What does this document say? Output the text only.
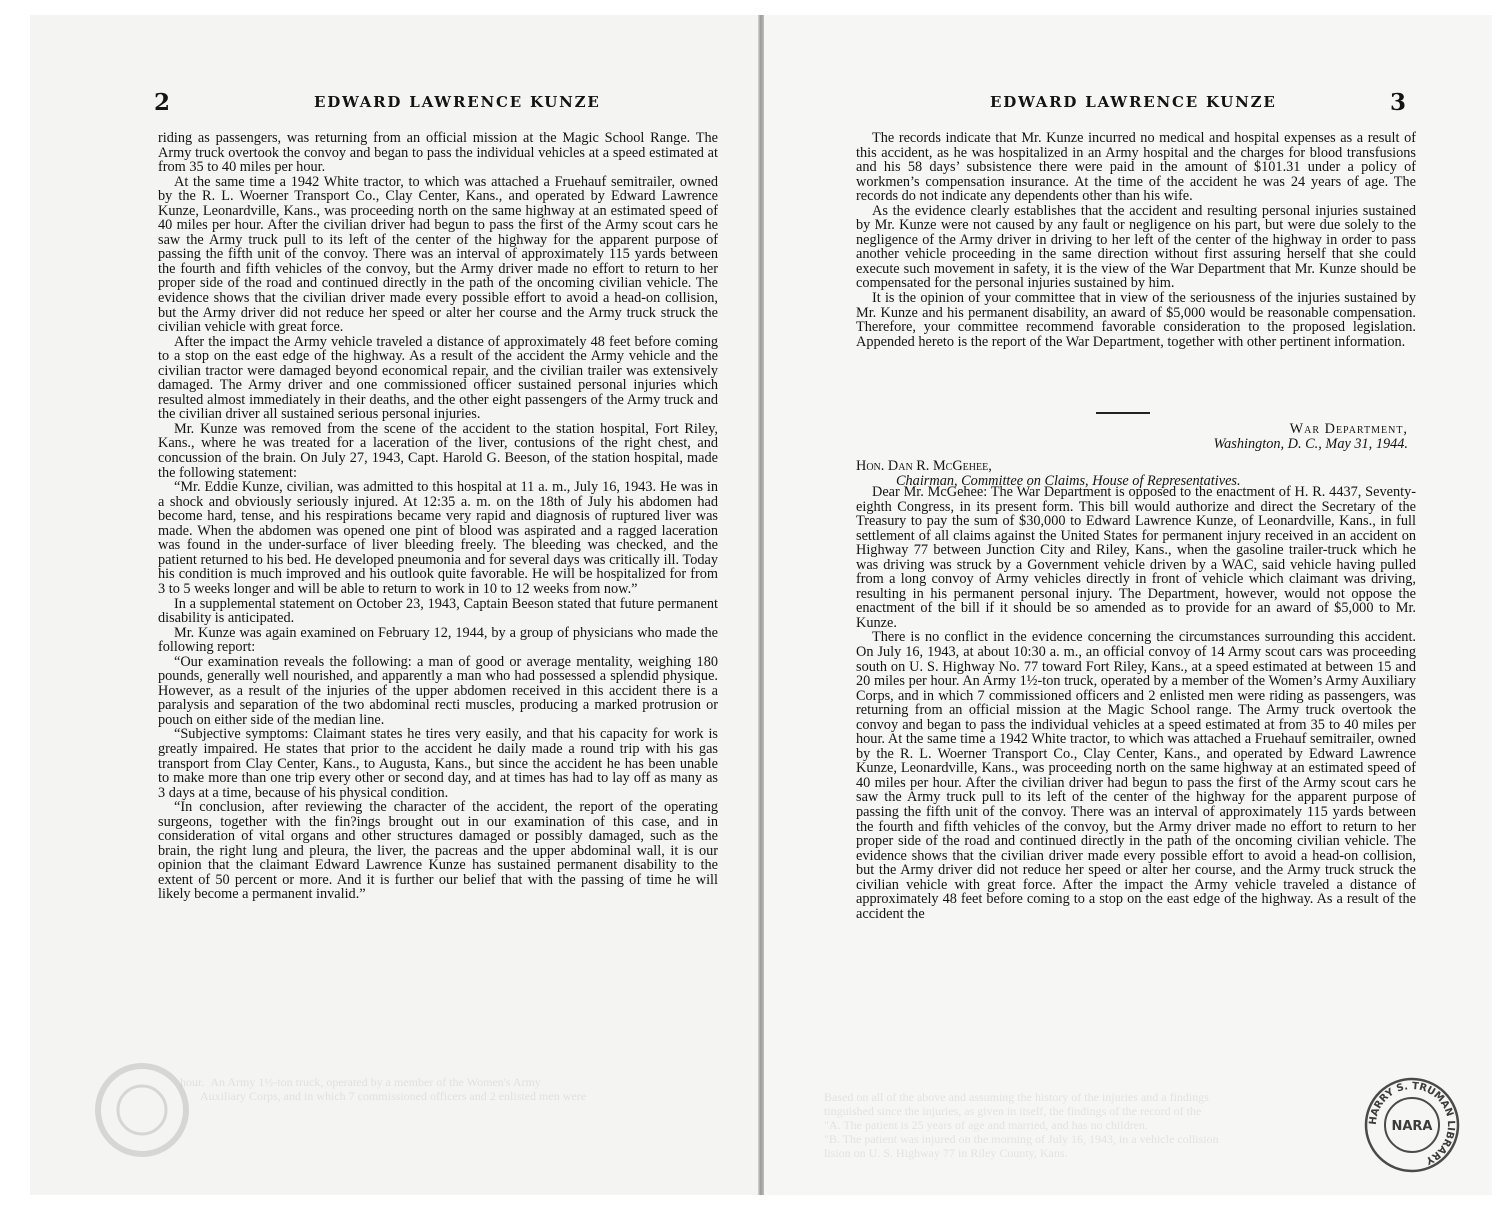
2	EDWARD LAWRENCE KUNZE

riding as passengers, was returning from an official mission at the Magic School Range. The Army truck overtook the convoy and began to pass the individual vehicles at a speed estimated at from 35 to 40 miles per hour.

At the same time a 1942 White tractor, to which was attached a Fruehauf semitrailer, owned by the R. L. Woerner Transport Co., Clay Center, Kans., and operated by Edward Lawrence Kunze, Leonardville, Kans., was proceeding north on the same highway at an estimated speed of 40 miles per hour. After the civilian driver had begun to pass the first of the Army scout cars he saw the Army truck pull to its left of the center of the highway for the apparent purpose of passing the fifth unit of the convoy. There was an interval of approximately 115 yards between the fourth and fifth vehicles of the convoy, but the Army driver made no effort to return to her proper side of the road and continued directly in the path of the oncoming civilian vehicle. The evidence shows that the civilian driver made every possible effort to avoid a head-on collision, but the Army driver did not reduce her speed or alter her course and the Army truck struck the civilian vehicle with great force.

After the impact the Army vehicle traveled a distance of approximately 48 feet before coming to a stop on the east edge of the highway. As a result of the accident the Army vehicle and the civilian tractor were damaged beyond economical repair, and the civilian trailer was extensively damaged. The Army driver and one commissioned officer sustained personal injuries which resulted almost immediately in their deaths, and the other eight passengers of the Army truck and the civilian driver all sustained serious personal injuries.

Mr. Kunze was removed from the scene of the accident to the station hospital, Fort Riley, Kans., where he was treated for a laceration of the liver, contusions of the right chest, and concussion of the brain. On July 27, 1943, Capt. Harold G. Beeson, of the station hospital, made the following statement:

“Mr. Eddie Kunze, civilian, was admitted to this hospital at 11 a. m., July 16, 1943. He was in a shock and obviously seriously injured. At 12:35 a. m. on the 18th of July his abdomen had become hard, tense, and his respirations became very rapid and diagnosis of ruptured liver was made. When the abdomen was opened one pint of blood was aspirated and a ragged laceration was found in the under-surface of liver bleeding freely. The bleeding was checked, and the patient returned to his bed. He developed pneumonia and for several days was critically ill. Today his condition is much improved and his outlook quite favorable. He will be hospitalized for from 3 to 5 weeks longer and will be able to return to work in 10 to 12 weeks from now.”

In a supplemental statement on October 23, 1943, Captain Beeson stated that future permanent disability is anticipated.

Mr. Kunze was again examined on February 12, 1944, by a group of physicians who made the following report:

“Our examination reveals the following: a man of good or average mentality, weighing 180 pounds, generally well nourished, and apparently a man who had possessed a splendid physique. However, as a result of the injuries of the upper abdomen received in this accident there is a paralysis and separation of the two abdominal recti muscles, producing a marked protrusion or pouch on either side of the median line.

“Subjective symptoms: Claimant states he tires very easily, and that his capacity for work is greatly impaired. He states that prior to the accident he daily made a round trip with his gas transport from Clay Center, Kans., to Augusta, Kans., but since the accident he has been unable to make more than one trip every other or second day, and at times has had to lay off as many as 3 days at a time, because of his physical condition.

“In conclusion, after reviewing the character of the accident, the report of the operating surgeons, together with the fin?ings brought out in our examination of this case, and in consideration of vital organs and other structures damaged or possibly damaged, such as the brain, the right lung and pleura, the liver, the pacreas and the upper abdominal wall, it is our opinion that the claimant Edward Lawrence Kunze has sustained permanent disability to the extent of 50 percent or more. And it is further our belief that with the passing of time he will likely become a permanent invalid.”

hour.  An Army 1½-ton truck, operated by a member of the Women's Army
Auxiliary Corps, and in which 7 commissioned officers and 2 enlisted men were
EDWARD LAWRENCE KUNZE	3

The records indicate that Mr. Kunze incurred no medical and hospital expenses as a result of this accident, as he was hospitalized in an Army hospital and the charges for blood transfusions and his 58 days’ subsistence there were paid in the amount of $101.31 under a policy of workmen’s compensation insurance. At the time of the accident he was 24 years of age. The records do not indicate any dependents other than his wife.

As the evidence clearly establishes that the accident and resulting personal injuries sustained by Mr. Kunze were not caused by any fault or negligence on his part, but were due solely to the negligence of the Army driver in driving to her left of the center of the highway in order to pass another vehicle proceeding in the same direction without first assuring herself that she could execute such movement in safety, it is the view of the War Department that Mr. Kunze should be compensated for the personal injuries sustained by him.

It is the opinion of your committee that in view of the seriousness of the injuries sustained by Mr. Kunze and his permanent disability, an award of $5,000 would be reasonable compensation. Therefore, your committee recommend favorable consideration to the proposed legislation. Appended hereto is the report of the War Department, together with other pertinent information.

War Department,
Washington, D. C., May 31, 1944.
Hon. Dan R. McGehee,
Chairman, Committee on Claims, House of Representatives.

Dear Mr. McGehee: The War Department is opposed to the enactment of H. R. 4437, Seventy-eighth Congress, in its present form. This bill would authorize and direct the Secretary of the Treasury to pay the sum of $30,000 to Edward Lawrence Kunze, of Leonardville, Kans., in full settlement of all claims against the United States for permanent injury received in an accident on Highway 77 between Junction City and Riley, Kans., when the gasoline trailer-truck which he was driving was struck by a Government vehicle driven by a WAC, said vehicle having pulled from a long convoy of Army vehicles directly in front of vehicle which claimant was driving, resulting in his permanent personal injury. The Department, however, would not oppose the enactment of the bill if it should be so amended as to provide for an award of $5,000 to Mr. Kunze.

There is no conflict in the evidence concerning the circumstances surrounding this accident. On July 16, 1943, at about 10:30 a. m., an official convoy of 14 Army scout cars was proceeding south on U. S. Highway No. 77 toward Fort Riley, Kans., at a speed estimated at between 15 and 20 miles per hour. An Army 1½-ton truck, operated by a member of the Women’s Army Auxiliary Corps, and in which 7 commissioned officers and 2 enlisted men were riding as passengers, was returning from an official mission at the Magic School range. The Army truck overtook the convoy and began to pass the individual vehicles at a speed estimated at from 35 to 40 miles per hour. At the same time a 1942 White tractor, to which was attached a Fruehauf semitrailer, owned by the R. L. Woerner Transport Co., Clay Center, Kans., and operated by Edward Lawrence Kunze, Leonardville, Kans., was proceeding north on the same highway at an estimated speed of 40 miles per hour. After the civilian driver had begun to pass the first of the Army scout cars he saw the Army truck pull to its left of the center of the highway for the apparent purpose of passing the fifth unit of the convoy. There was an interval of approximately 115 yards between the fourth and fifth vehicles of the convoy, but the Army driver made no effort to return to her proper side of the road and continued directly in the path of the oncoming civilian vehicle. The evidence shows that the civilian driver made every possible effort to avoid a head-on collision, but the Army driver did not reduce her speed or alter her course, and the Army truck struck the civilian vehicle with great force. After the impact the Army vehicle traveled a distance of approximately 48 feet before coming to a stop on the east edge of the highway. As a result of the accident the

Based on all of the above and assuming the history of the injuries and a findings
tinguished since the injuries, as given in itself, the findings of the record of the
"A. The patient is 25 years of age and married, and has no children.
"B. The patient was injured on the morning of July 16, 1943, in a vehicle collision
lision on U. S. Highway 77 in Riley County, Kans.
HARRY S. TRUMAN LIBRARY
NARA
